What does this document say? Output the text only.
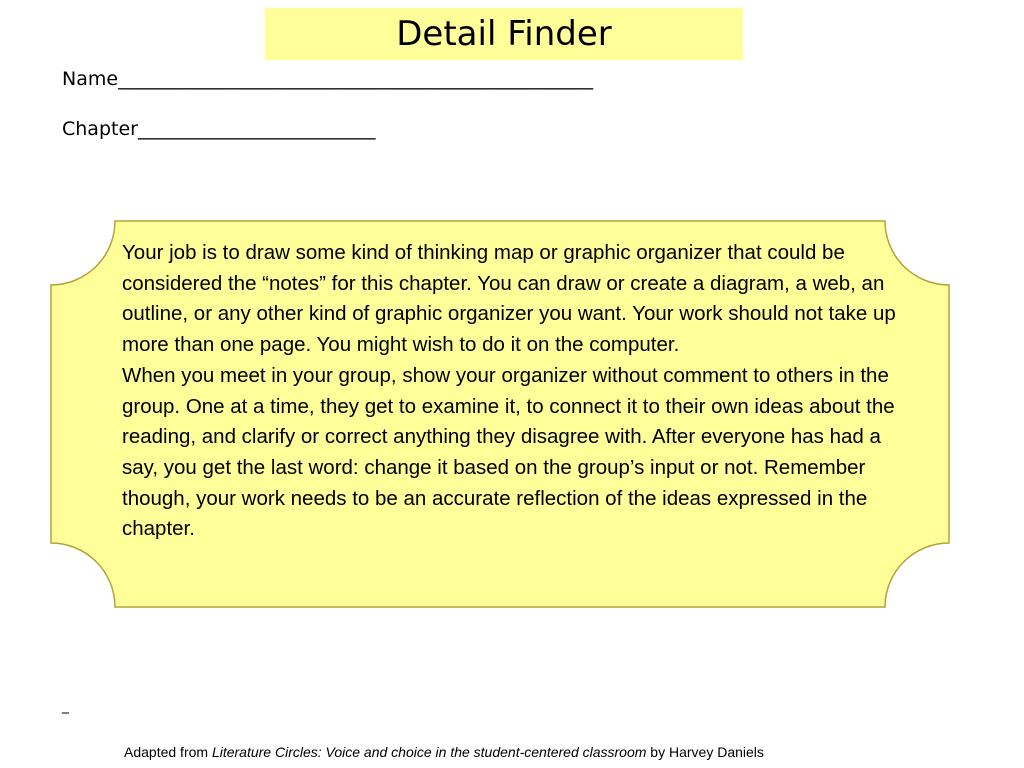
Detail Finder
Name__________________________________________________
Chapter_________________________

Your job is to draw some kind of thinking map or graphic organizer that could be considered the “notes” for this chapter. You can draw or create a diagram, a web, an outline, or any other kind of graphic organizer you want. Your work should not take up more than one page. You might wish to do it on the computer.

When you meet in your group, show your organizer without comment to others in the group. One at a time, they get to examine it, to connect it to their own ideas about the reading, and clarify or correct anything they disagree with. After everyone has had a say, you get the last word: change it based on the group’s input or not. Remember though, your work needs to be an accurate reflection of the ideas expressed in the chapter.

_
Adapted from Literature Circles: Voice and choice in the student-centered classroom by Harvey Daniels
